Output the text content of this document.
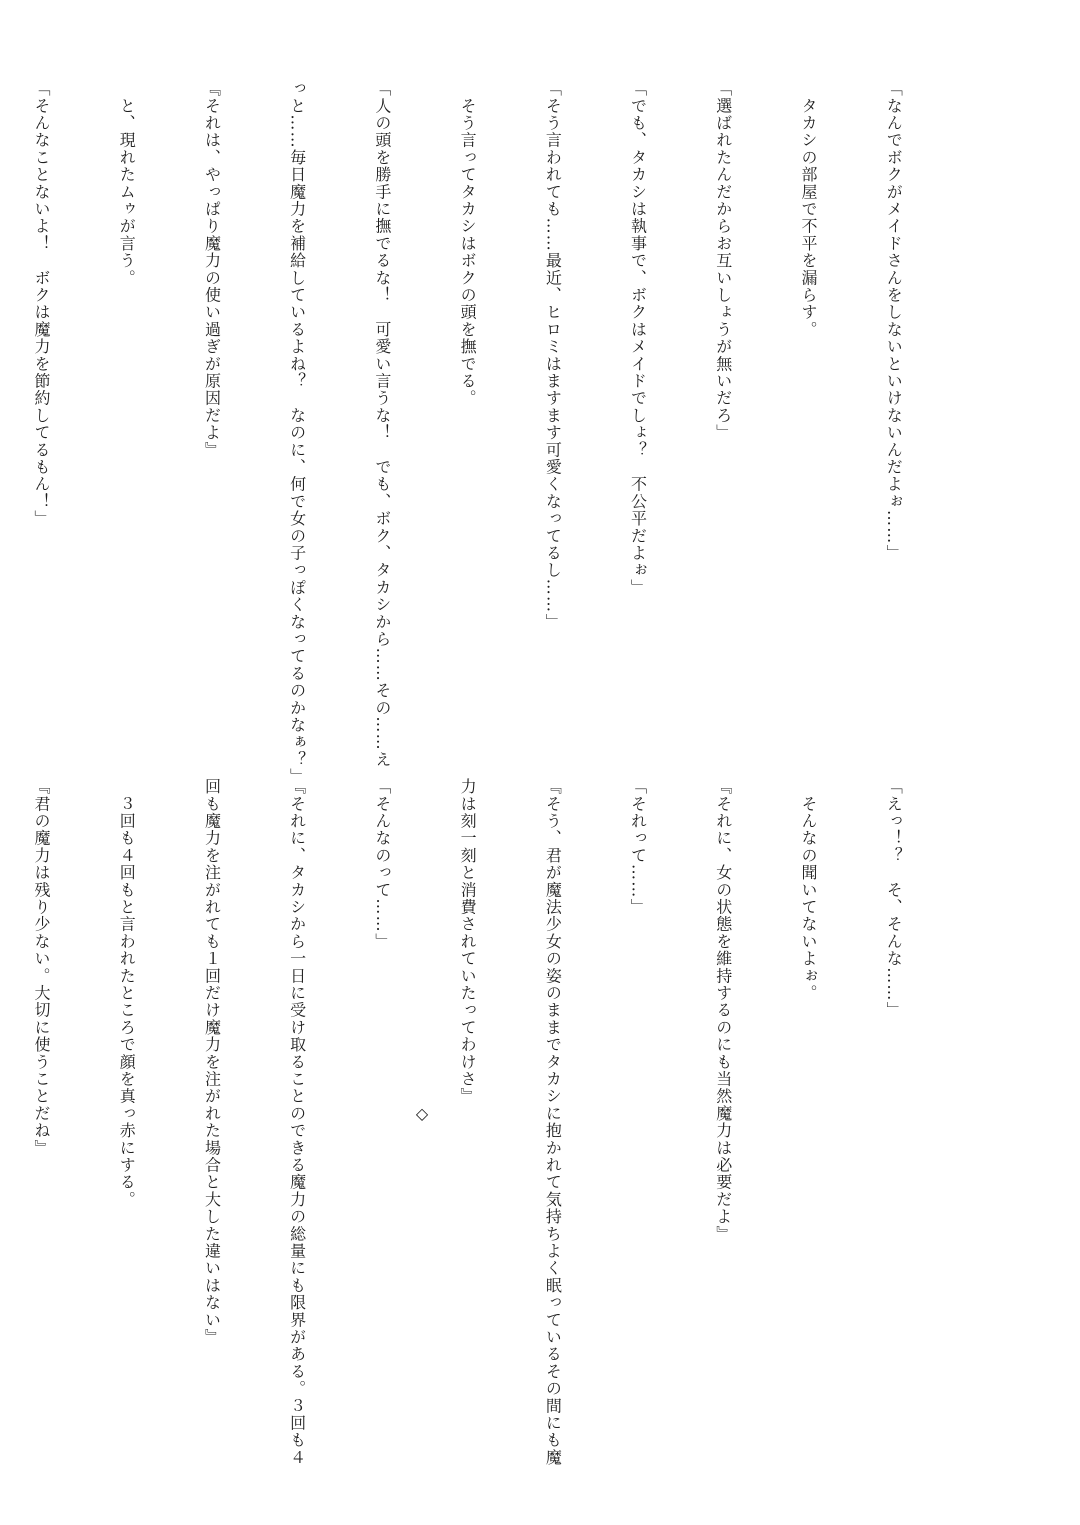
「なんでボクがメイドさんをしないといけないんだよぉ……」

　タカシの部屋で不平を漏らす。

「選ばれたんだからお互いしょうが無いだろ」

「でも、タカシは執事で、ボクはメイドでしょ？　不公平だよぉ」

「そう言われても……最近、ヒロミはますます可愛くなってるし……」

　そう言ってタカシはボクの頭を撫でる。

「人の頭を勝手に撫でるな！　可愛い言うな！　でも、ボク、タカシから……その……え

っと……毎日魔力を補給しているよね？　なのに、何で女の子っぽくなってるのかなぁ？」

『それは、やっぱり魔力の使い過ぎが原因だよ』

　と、現れたムゥが言う。

「そんなことないよ！　ボクは魔力を節約してるもん！」

「えっ！？　そ、そんな……」

　そんなの聞いてないよぉ。

『それに、女の状態を維持するのにも当然魔力は必要だよ』

「それって……」

『そう、君が魔法少女の姿のままでタカシに抱かれて気持ちよく眠っているその間にも魔

力は刻一刻と消費されていたってわけさ』

「そんなのって……」

『それに、タカシから一日に受け取ることのできる魔力の総量にも限界がある。３回も４

回も魔力を注がれても１回だけ魔力を注がれた場合と大した違いはない』

　３回も４回もと言われたところで顔を真っ赤にする。

『君の魔力は残り少ない。大切に使うことだね』

	◇
